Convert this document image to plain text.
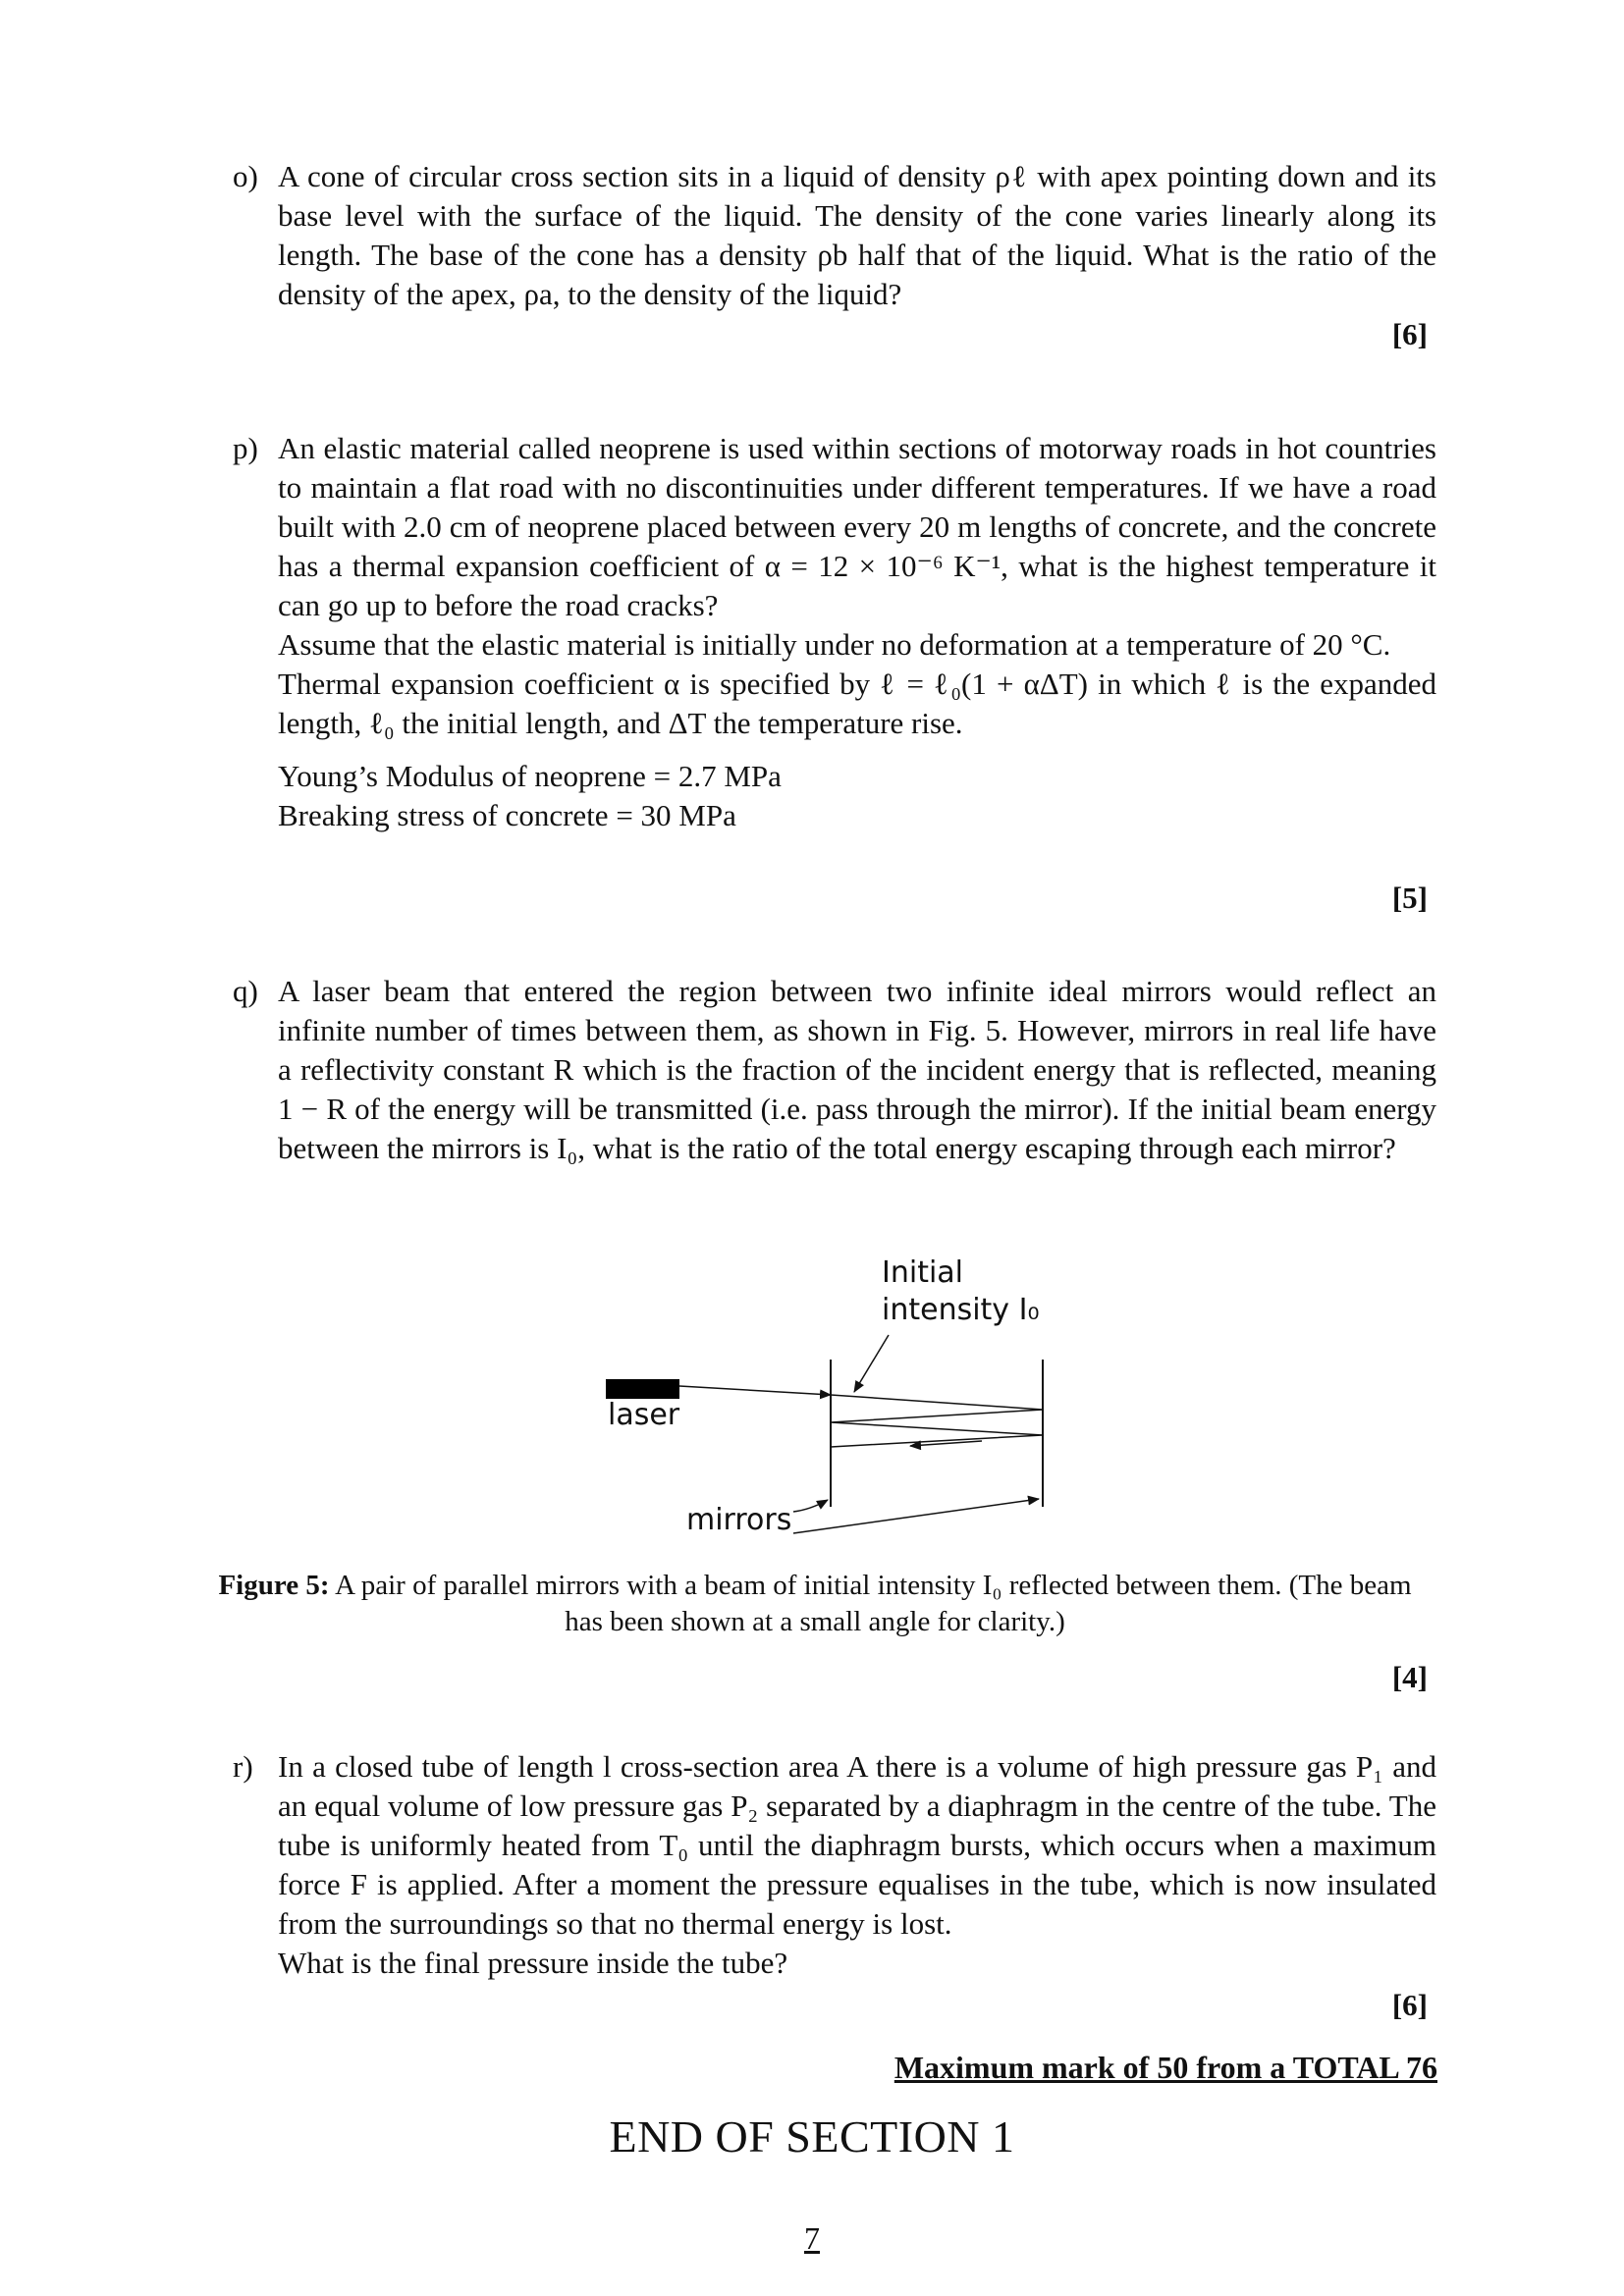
o) A cone of circular cross section sits in a liquid of density ρℓ with apex pointing down and its base level with the surface of the liquid. The density of the cone varies linearly along its length. The base of the cone has a density ρb half that of the liquid. What is the ratio of the density of the apex, ρa, to the density of the liquid?

[6]
p) An elastic material called neoprene is used within sections of motorway roads in hot countries to maintain a flat road with no discontinuities under different temperatures. If we have a road built with 2.0 cm of neoprene placed between every 20 m lengths of concrete, and the concrete has a thermal expansion coefficient of α = 12 × 10⁻⁶ K⁻¹, what is the highest temperature it can go up to before the road cracks?

Assume that the elastic material is initially under no deformation at a temperature of 20 °C.

Thermal expansion coefficient α is specified by ℓ = ℓ₀(1 + αΔT) in which ℓ is the expanded length, ℓ₀ the initial length, and ΔT the temperature rise.

Young’s Modulus of neoprene = 2.7 MPa

Breaking stress of concrete = 30 MPa

[5]
q) A laser beam that entered the region between two infinite ideal mirrors would reflect an infinite number of times between them, as shown in Fig. 5. However, mirrors in real life have a reflectivity constant R which is the fraction of the incident energy that is reflected, meaning 1 − R of the energy will be transmitted (i.e. pass through the mirror). If the initial beam energy between the mirrors is I₀, what is the ratio of the total energy escaping through each mirror?

Initial
intensity I₀
laser
mirrors
Figure 5: A pair of parallel mirrors with a beam of initial intensity I₀ reflected between them. (The beam has been shown at a small angle for clarity.)
[4]
r) In a closed tube of length l cross-section area A there is a volume of high pressure gas P₁ and an equal volume of low pressure gas P₂ separated by a diaphragm in the centre of the tube. The tube is uniformly heated from T₀ until the diaphragm bursts, which occurs when a maximum force F is applied. After a moment the pressure equalises in the tube, which is now insulated from the surroundings so that no thermal energy is lost.

What is the final pressure inside the tube?

[6]
Maximum mark of 50 from a TOTAL 76
END OF SECTION 1
7
